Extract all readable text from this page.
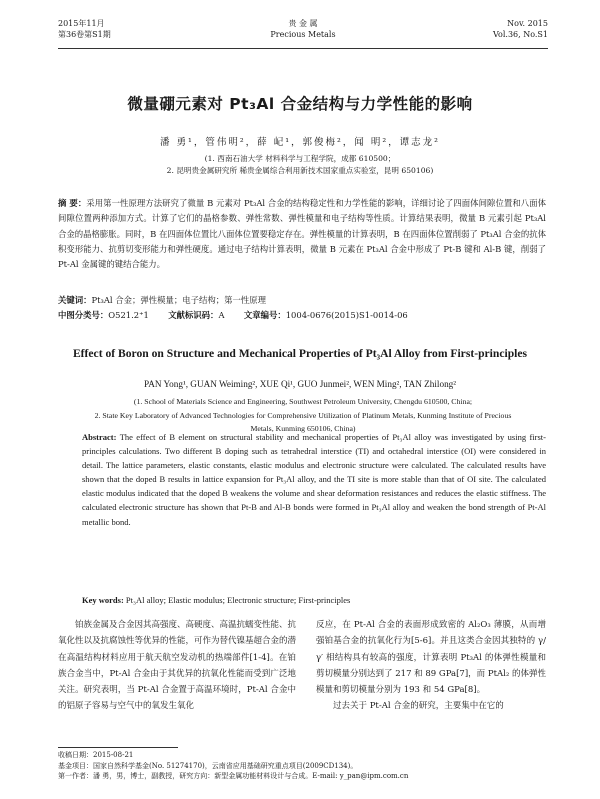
2015年11月
第36卷第S1期
贵 金 属
Precious Metals
Nov. 2015
Vol.36, No.S1
微量硼元素对 Pt₃Al 合金结构与力学性能的影响
潘 勇¹，管伟明²，薛 屺¹，郭俊梅²，闻 明²，谭志龙²
(1. 西南石油大学 材料科学与工程学院，成都 610500；
2. 昆明贵金属研究所 稀贵金属综合利用新技术国家重点实验室，昆明 650106)
摘 要：采用第一性原理方法研究了微量 B 元素对 Pt₃Al 合金的结构稳定性和力学性能的影响，详细讨论了四面体间隙位置和八面体间隙位置两种添加方式。计算了它们的晶格参数、弹性常数、弹性模量和电子结构等性质。计算结果表明，微量 B 元素引起 Pt₃Al 合金的晶格膨胀。同时，B 在四面体位置比八面体位置要稳定存在。弹性模量的计算表明，B 在四面体位置削弱了 Pt₃Al 合金的抗体积变形能力、抗剪切变形能力和弹性硬度。通过电子结构计算表明，微量 B 元素在 Pt₃Al 合金中形成了 Pt-B 键和 Al-B 键，削弱了 Pt-Al 金属键的键结合能力。
关键词：Pt₃Al 合金；弹性模量；电子结构；第一性原理
中图分类号：O521.2⁺1 文献标识码：A 文章编号：1004-0676(2015)S1-0014-06
Effect of Boron on Structure and Mechanical Properties of Pt₃Al Alloy from First-principles
PAN Yong¹, GUAN Weiming², XUE Qi¹, GUO Junmei², WEN Ming², TAN Zhilong²
(1. School of Materials Science and Engineering, Southwest Petroleum University, Chengdu 610500, China;
2. State Key Laboratory of Advanced Technologies for Comprehensive Utilization of Platinum Metals, Kunming Institute of Precious
Metals, Kunming 650106, China)
Abstract: The effect of B element on structural stability and mechanical properties of Pt₃Al alloy was investigated by using first-principles calculations. Two different B doping such as tetrahedral interstice (TI) and octahedral interstice (OI) were considered in detail. The lattice parameters, elastic constants, elastic modulus and electronic structure were calculated. The calculated results have shown that the doped B results in lattice expansion for Pt₃Al alloy, and the TI site is more stable than that of OI site. The calculated elastic modulus indicated that the doped B weakens the volume and shear deformation resistances and reduces the elastic stiffness. The calculated electronic structure has shown that Pt-B and Al-B bonds were formed in Pt₃Al alloy and weaken the bond strength of Pt-Al metallic bond.
Key words: Pt₃Al alloy; Elastic modulus; Electronic structure; First-principles

铂族金属及合金因其高强度、高硬度、高温抗蠕变性能、抗氧化性以及抗腐蚀性等优异的性能，可作为替代镍基超合金的潜在高温结构材料应用于航天航空发动机的热端部件[1-4]。在铂族合金当中，Pt-Al 合金由于其优异的抗氧化性能而受到广泛地关注。研究表明，当 Pt-Al 合金置于高温环境时，Pt-Al 合金中的铝原子容易与空气中的氧发生氧化

反应，在 Pt-Al 合金的表面形成致密的 Al₂O₃ 薄膜，从而增强铂基合金的抗氧化行为[5-6]。并且这类合金因其独特的 γ/γ′ 相结构具有较高的强度，计算表明 Pt₃Al 的体弹性模量和剪切模量分别达到了 217 和 89 GPa[7]，而 PtAl₂ 的体弹性模量和剪切模量分别为 193 和 54 GPa[8]。

过去关于 Pt-Al 合金的研究，主要集中在它的

收稿日期：2015-08-21
基金项目：国家自然科学基金(No. 51274170)，云南省应用基础研究重点项目(2009CD134)。
第一作者：潘 勇，男，博士，副教授，研究方向：新型金属功能材料设计与合成。E-mail: y_pan@ipm.com.cn
